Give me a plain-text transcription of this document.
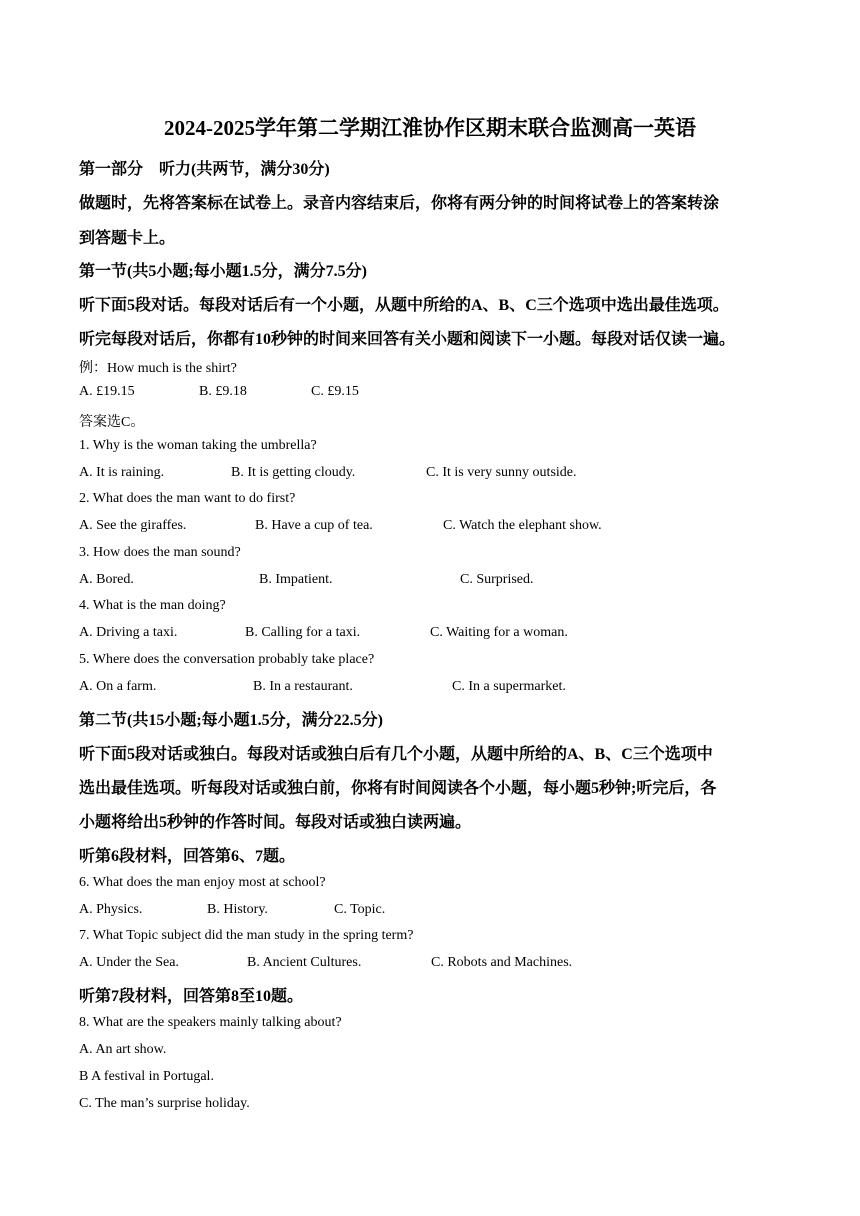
2024-2025学年第二学期江淮协作区期末联合监测高一英语
第一部分　听力(共两节，满分30分)
做题时，先将答案标在试卷上。录音内容结束后，你将有两分钟的时间将试卷上的答案转涂
到答题卡上。
第一节(共5小题;每小题1.5分，满分7.5分)
听下面5段对话。每段对话后有一个小题，从题中所给的A、B、C三个选项中选出最佳选项。
听完每段对话后，你都有10秒钟的时间来回答有关小题和阅读下一小题。每段对话仅读一遍。
例：How much is the shirt?
A. £19.15	B. £9.18	C. £9.15
答案选C。
1. Why is the woman taking the umbrella?
A. It is raining.	B. It is getting cloudy.	C. It is very sunny outside.
2. What does the man want to do first?
A. See the giraffes.	B. Have a cup of tea.	C. Watch the elephant show.
3. How does the man sound?
A. Bored.	B. Impatient.	C. Surprised.
4. What is the man doing?
A. Driving a taxi.	B. Calling for a taxi.	C. Waiting for a woman.
5. Where does the conversation probably take place?
A. On a farm.	B. In a restaurant.	C. In a supermarket.
第二节(共15小题;每小题1.5分，满分22.5分)
听下面5段对话或独白。每段对话或独白后有几个小题，从题中所给的A、B、C三个选项中
选出最佳选项。听每段对话或独白前，你将有时间阅读各个小题，每小题5秒钟;听完后，各
小题将给出5秒钟的作答时间。每段对话或独白读两遍。
听第6段材料，回答第6、7题。
6. What does the man enjoy most at school?
A. Physics.	B. History.	C. Topic.
7. What Topic subject did the man study in the spring term?
A. Under the Sea.	B. Ancient Cultures.	C. Robots and Machines.
听第7段材料，回答第8至10题。
8. What are the speakers mainly talking about?
A. An art show.
B A festival in Portugal.
C. The man’s surprise holiday.
